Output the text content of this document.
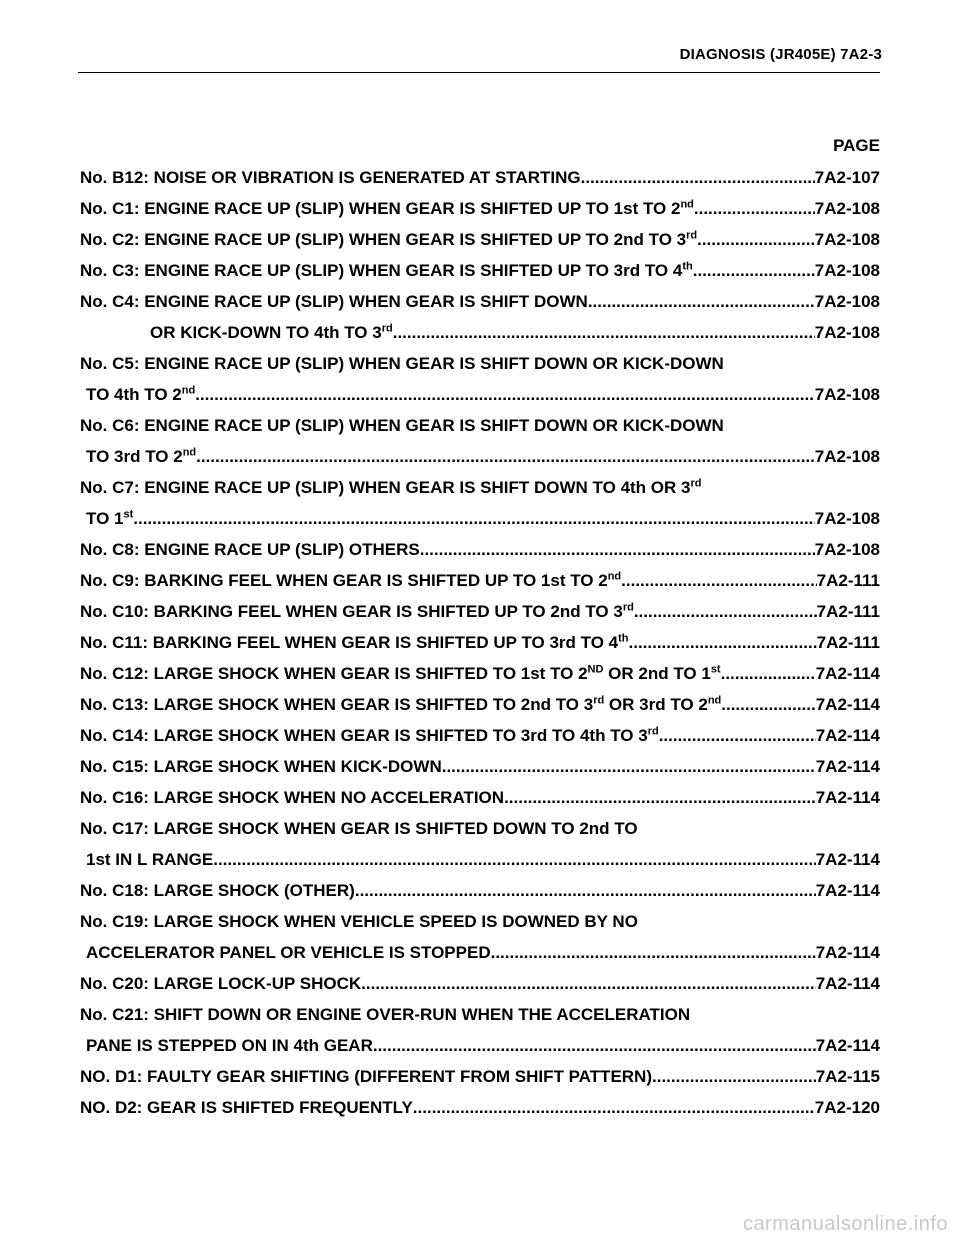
DIAGNOSIS (JR405E) 7A2-3
PAGE
No. B12: NOISE OR VIBRATION IS GENERATED AT STARTING .....	7A2-107
No. C1: ENGINE RACE UP (SLIP) WHEN GEAR IS SHIFTED UP TO 1st TO 2nd .....	7A2-108
No. C2: ENGINE RACE UP (SLIP) WHEN GEAR IS SHIFTED UP TO 2nd TO 3rd .....	7A2-108
No. C3: ENGINE RACE UP (SLIP) WHEN GEAR IS SHIFTED UP TO 3rd TO 4th .....	7A2-108
No. C4: ENGINE RACE UP (SLIP) WHEN GEAR IS SHIFT DOWN .....	7A2-108
OR KICK-DOWN TO 4th TO 3rd .....	7A2-108
No. C5: ENGINE RACE UP (SLIP) WHEN GEAR IS SHIFT DOWN OR KICK-DOWN
TO 4th TO 2nd .....	7A2-108
No. C6: ENGINE RACE UP (SLIP) WHEN GEAR IS SHIFT DOWN OR KICK-DOWN
TO 3rd TO 2nd .....	7A2-108
No. C7: ENGINE RACE UP (SLIP) WHEN GEAR IS SHIFT DOWN TO 4th OR 3rd
TO 1st .....	7A2-108
No. C8: ENGINE RACE UP (SLIP) OTHERS .....	7A2-108
No. C9: BARKING FEEL WHEN GEAR IS SHIFTED UP TO 1st TO 2nd .....	7A2-111
No. C10: BARKING FEEL WHEN GEAR IS SHIFTED UP TO 2nd TO 3rd .....	7A2-111
No. C11: BARKING FEEL WHEN GEAR IS SHIFTED UP TO 3rd TO 4th .....	7A2-111
No. C12: LARGE SHOCK WHEN GEAR IS SHIFTED TO 1st TO 2ND OR 2nd TO 1st .....	7A2-114
No. C13: LARGE SHOCK WHEN GEAR IS SHIFTED TO 2nd TO 3rd OR 3rd TO 2nd .....	7A2-114
No. C14: LARGE SHOCK WHEN GEAR IS SHIFTED TO 3rd TO 4th TO 3rd .....	7A2-114
No. C15: LARGE SHOCK WHEN KICK-DOWN .....	7A2-114
No. C16: LARGE SHOCK WHEN NO ACCELERATION .....	7A2-114
No. C17: LARGE SHOCK WHEN GEAR IS SHIFTED DOWN TO 2nd TO
1st IN L RANGE .....	7A2-114
No. C18: LARGE SHOCK (OTHER) .....	7A2-114
No. C19: LARGE SHOCK WHEN VEHICLE SPEED IS DOWNED BY NO
ACCELERATOR PANEL OR VEHICLE IS STOPPED .....	7A2-114
No. C20: LARGE LOCK-UP SHOCK .....	7A2-114
No. C21: SHIFT DOWN OR ENGINE OVER-RUN WHEN THE ACCELERATION
PANE IS STEPPED ON IN 4th GEAR .....	7A2-114
NO. D1: FAULTY GEAR SHIFTING (DIFFERENT FROM SHIFT PATTERN) .....	7A2-115
NO. D2: GEAR IS SHIFTED FREQUENTLY .....	7A2-120
carmanualsonline.info
